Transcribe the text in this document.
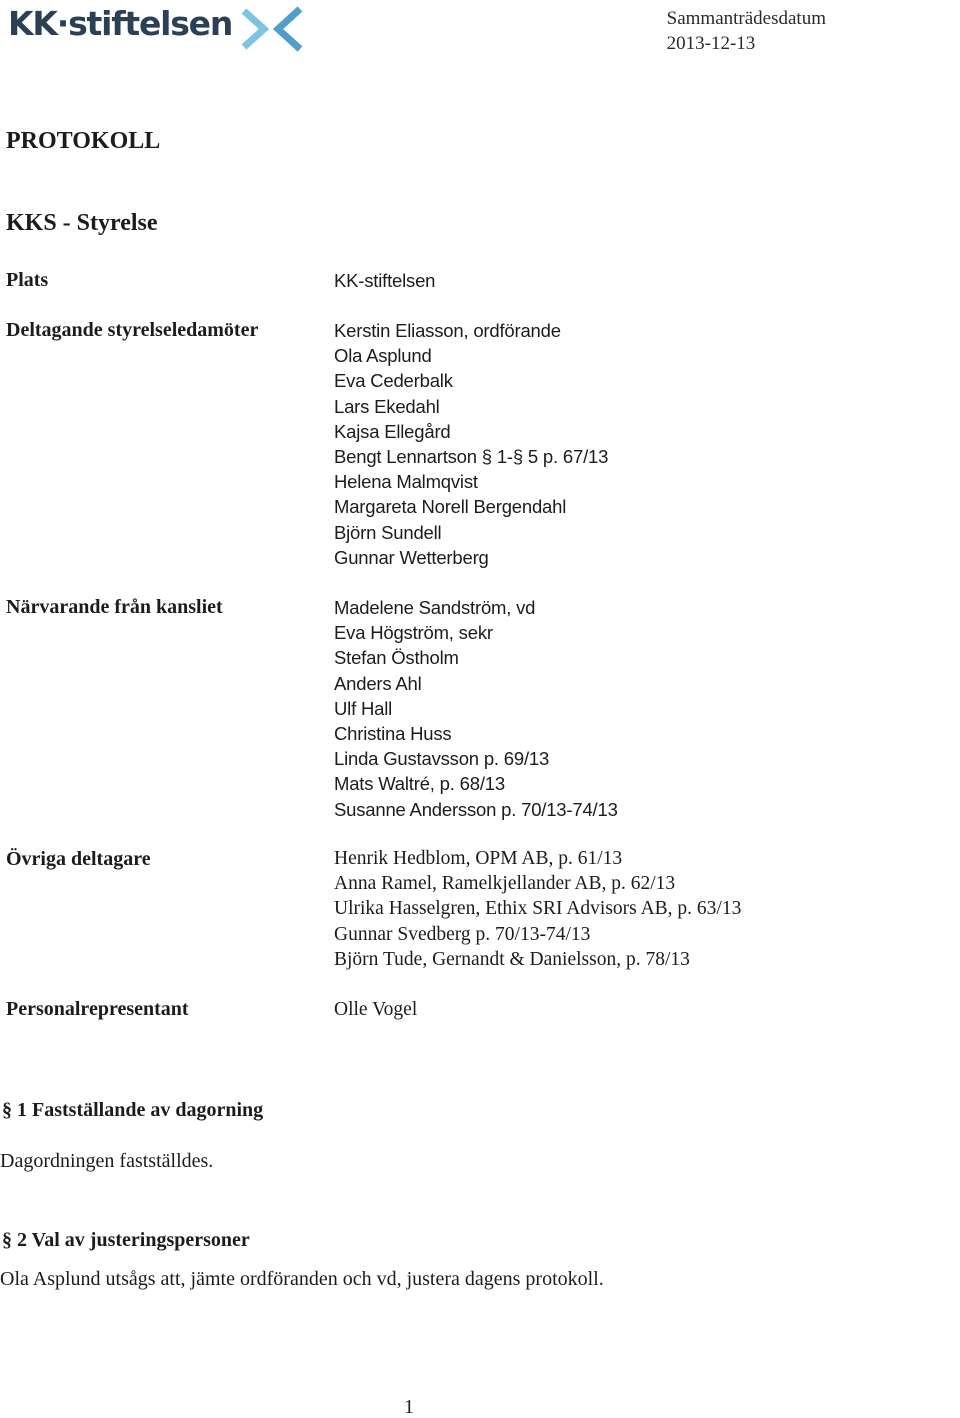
KK·stiftelsen	Sammanträdesdatum
2013-12-13
PROTOKOLL
KKS - Styrelse
Plats	KK-stiftelsen
Deltagande styrelseledamöter	Kerstin Eliasson, ordförande
Ola Asplund
Eva Cederbalk
Lars Ekedahl
Kajsa Ellegård
Bengt Lennartson § 1-§ 5 p. 67/13
Helena Malmqvist
Margareta Norell Bergendahl
Björn Sundell
Gunnar Wetterberg
Närvarande från kansliet	Madelene Sandström, vd
Eva Högström, sekr
Stefan Östholm
Anders Ahl
Ulf Hall
Christina Huss
Linda Gustavsson p. 69/13
Mats Waltré, p. 68/13
Susanne Andersson p. 70/13-74/13
Övriga deltagare	Henrik Hedblom, OPM AB, p. 61/13
Anna Ramel, Ramelkjellander AB, p. 62/13
Ulrika Hasselgren, Ethix SRI Advisors AB, p. 63/13
Gunnar Svedberg p. 70/13-74/13
Björn Tude, Gernandt & Danielsson, p. 78/13
Personalrepresentant	Olle Vogel
§ 1 Fastställande av dagorning
Dagordningen fastställdes.
§ 2 Val av justeringspersoner
Ola Asplund utsågs att, jämte ordföranden och vd, justera dagens protokoll.
1
